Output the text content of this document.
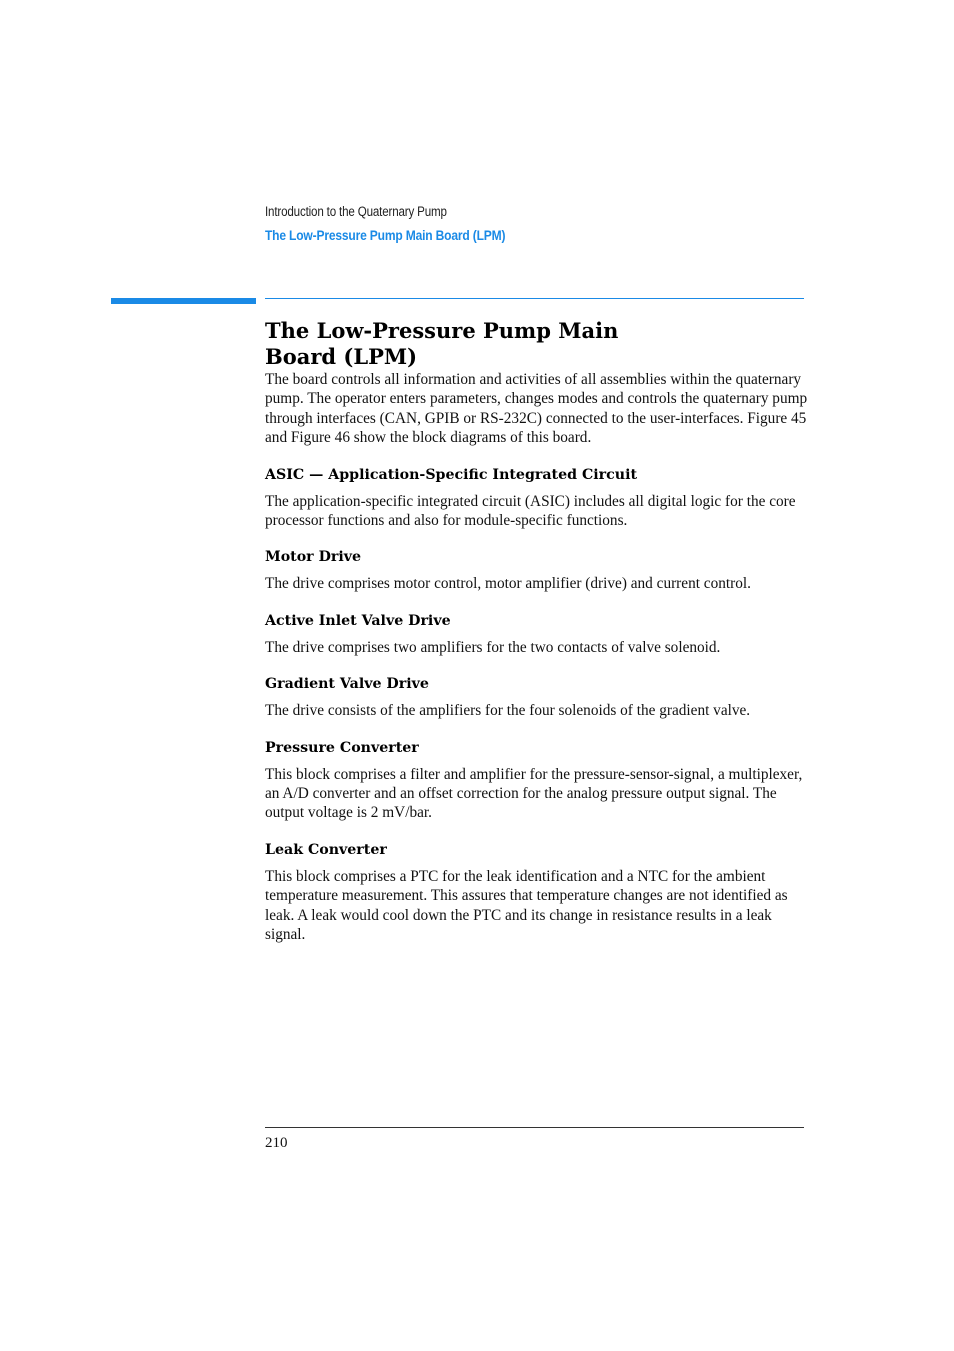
Introduction to the Quaternary Pump
The Low-Pressure Pump Main Board (LPM)
The Low-Pressure Pump Main Board (LPM)

The board controls all information and activities of all assemblies within the quaternary pump. The operator enters parameters, changes modes and controls the quaternary pump through interfaces (CAN, GPIB or RS-232C) connected to the user-interfaces. Figure 45 and Figure 46 show the block diagrams of this board.

ASIC — Application-Specific Integrated Circuit

The application-specific integrated circuit (ASIC) includes all digital logic for the core processor functions and also for module-specific functions.

Motor Drive

The drive comprises motor control, motor amplifier (drive) and current control.

Active Inlet Valve Drive

The drive comprises two amplifiers for the two contacts of valve solenoid.

Gradient Valve Drive

The drive consists of the amplifiers for the four solenoids of the gradient valve.

Pressure Converter

This block comprises a filter and amplifier for the pressure-sensor-signal, a multiplexer, an A/D converter and an offset correction for the analog pressure output signal. The output voltage is 2 mV/bar.

Leak Converter

This block comprises a PTC for the leak identification and a NTC for the ambient temperature measurement. This assures that temperature changes are not identified as leak. A leak would cool down the PTC and its change in resistance results in a leak signal.

210
